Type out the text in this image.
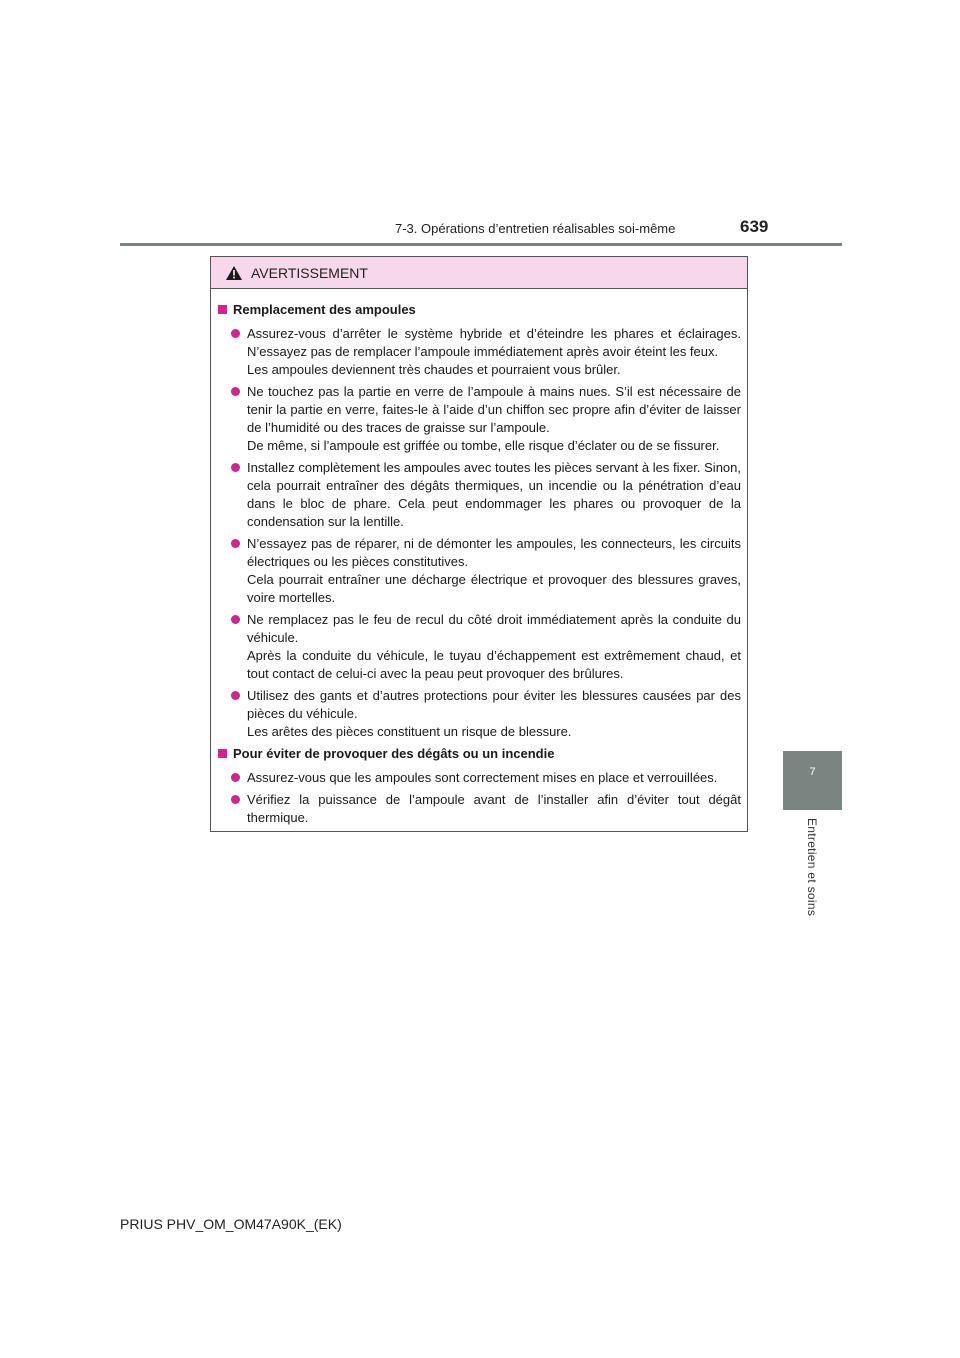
7-3. Opérations d’entretien réalisables soi-même	639
7
Entretien et soins
AVERTISSEMENT
Remplacement des ampoules
Assurez-vous d’arrêter le système hybride et d’éteindre les phares et éclairages. N’essayez pas de remplacer l’ampoule immédiatement après avoir éteint les feux.
Les ampoules deviennent très chaudes et pourraient vous brûler.
Ne touchez pas la partie en verre de l’ampoule à mains nues. S’il est nécessaire de tenir la partie en verre, faites-le à l’aide d’un chiffon sec propre afin d’éviter de laisser de l’humidité ou des traces de graisse sur l’ampoule.
De même, si l’ampoule est griffée ou tombe, elle risque d’éclater ou de se fissurer.
Installez complètement les ampoules avec toutes les pièces servant à les fixer. Sinon, cela pourrait entraîner des dégâts thermiques, un incendie ou la pénétration d’eau dans le bloc de phare. Cela peut endommager les phares ou provoquer de la condensation sur la lentille.
N’essayez pas de réparer, ni de démonter les ampoules, les connecteurs, les circuits électriques ou les pièces constitutives.
Cela pourrait entraîner une décharge électrique et provoquer des blessures graves, voire mortelles.
Ne remplacez pas le feu de recul du côté droit immédiatement après la conduite du véhicule.
Après la conduite du véhicule, le tuyau d’échappement est extrêmement chaud, et tout contact de celui-ci avec la peau peut provoquer des brûlures.
Utilisez des gants et d’autres protections pour éviter les blessures causées par des pièces du véhicule.
Les arêtes des pièces constituent un risque de blessure.
Pour éviter de provoquer des dégâts ou un incendie
Assurez-vous que les ampoules sont correctement mises en place et verrouillées.
Vérifiez la puissance de l’ampoule avant de l’installer afin d’éviter tout dégât thermique.
PRIUS PHV_OM_OM47A90K_(EK)
